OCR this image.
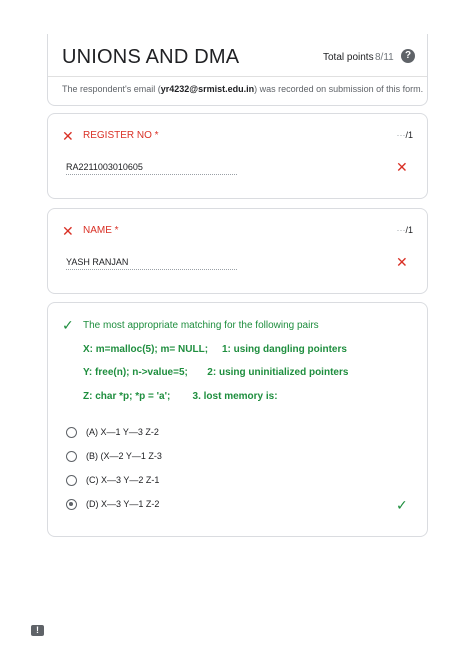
UNIONS AND DMA	Total points 8/11	?
The respondent's email (yr4232@srmist.edu.in) was recorded on submission of this form.
✕ REGISTER NO *	···/1
RA2211003010605	✕
✕ NAME *	···/1
YASH RANJAN	✕
✓ The most appropriate matching for the following pairs
X: m=malloc(5); m= NULL; 1: using dangling pointers
Y: free(n); n->value=5; 2: using uninitialized pointers
Z: char *p; *p = 'a'; 3. lost memory is:
(A) X—1 Y—3 Z-2
(B) (X—2 Y—1 Z-3
(C) X—3 Y—2 Z-1
(D) X—3 Y—1 Z-2	✓
!
